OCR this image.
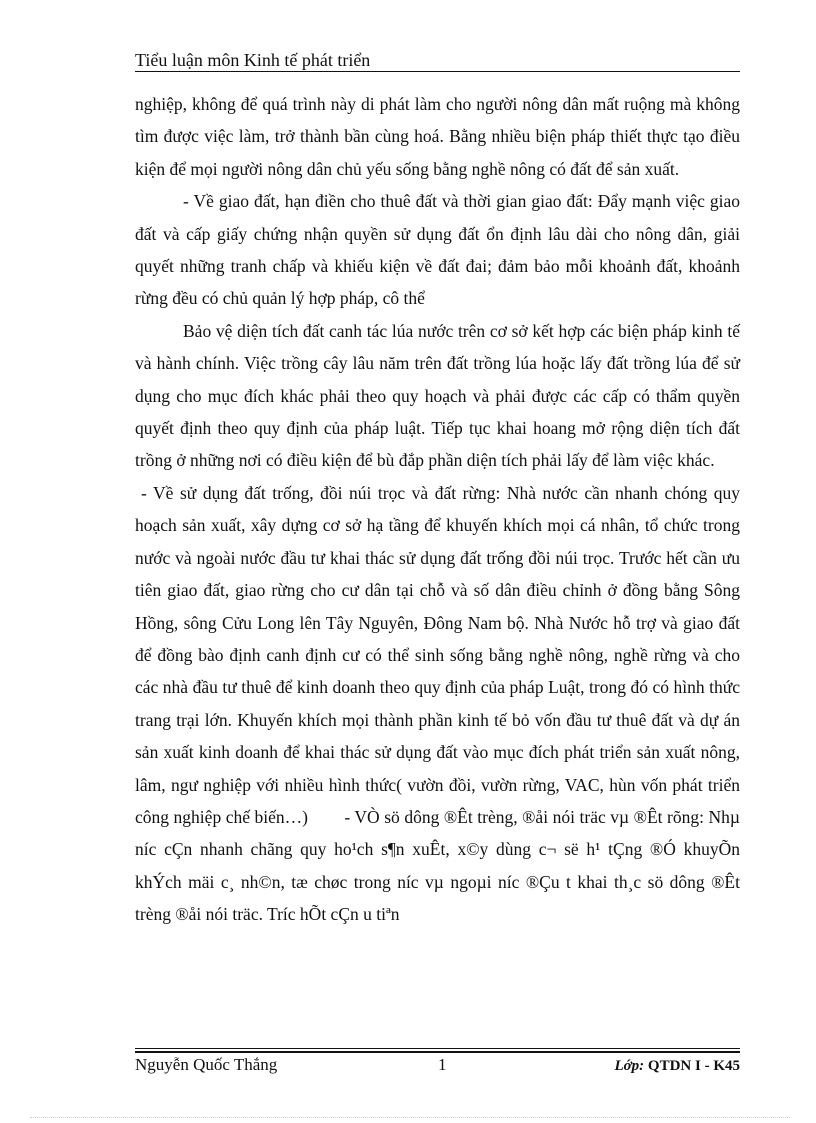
Tiểu luận môn Kinh tế phát triển

nghiệp, không để quá trình này di phát làm cho người nông dân mất ruộng mà không tìm được việc làm, trở thành bần cùng hoá. Bằng nhiều biện pháp thiết thực tạo điều kiện để mọi người nông dân chủ yếu sống bằng nghề nông có đất để sản xuất.

- Về giao đất, hạn điền cho thuê đất và thời gian giao đất: Đẩy mạnh việc giao đất và cấp giấy chứng nhận quyền sử dụng đất ổn định lâu dài cho nông dân, giải quyết những tranh chấp và khiếu kiện về đất đai; đảm bảo mỗi khoảnh đất, khoảnh rừng đều có chủ quản lý hợp pháp, cô thể

Bảo vệ diện tích đất canh tác lúa nước trên cơ sở kết hợp các biện pháp kinh tế và hành chính. Việc trồng cây lâu năm trên đất trồng lúa hoặc lấy đất trồng lúa để sử dụng cho mục đích khác phải theo quy hoạch và phải được các cấp có thẩm quyền quyết định theo quy định của pháp luật. Tiếp tục khai hoang mở rộng diện tích đất trồng ở những nơi có điều kiện để bù đắp phần diện tích phải lấy để làm việc khác.

- Về sử dụng đất trống, đồi núi trọc và đất rừng: Nhà nước cần nhanh chóng quy hoạch sản xuất, xây dựng cơ sở hạ tầng để khuyến khích mọi cá nhân, tổ chức trong nước và ngoài nước đầu tư khai thác sử dụng đất trống đồi núi trọc. Trước hết cần ưu tiên giao đất, giao rừng cho cư dân tại chỗ và số dân điều chỉnh ở đồng bằng Sông Hồng, sông Cửu Long lên Tây Nguyên, Đông Nam bộ. Nhà Nước hỗ trợ và giao đất để đồng bào định canh định cư có thể sinh sống bằng nghề nông, nghề rừng và cho các nhà đầu tư thuê để kinh doanh theo quy định của pháp Luật, trong đó có hình thức trang trại lớn. Khuyến khích mọi thành phần kinh tế bỏ vốn đầu tư thuê đất và dự án sản xuất kinh doanh để khai thác sử dụng đất vào mục đích phát triển sản xuất nông, lâm, ngư nghiệp với nhiều hình thức( vườn đồi, vườn rừng, VAC, hùn vốn phát triển công nghiệp chế biến…)        - VÒ sö dông ®Êt trèng, ®åi nói träc vµ ®Êt rõng: Nhµ níc cÇn nhanh chãng quy ho¹ch s¶n xuÊt, x©y dùng c¬ së h¹ tÇng ®Ó khuyÕn khÝch mäi c¸ nh©n, tæ chøc trong níc vµ ngoµi níc ®Çu t khai th¸c sö dông ®Êt trèng ®åi nói träc. Tríc hÕt cÇn u tiªn

Nguyễn Quốc Thắng	1	Lớp: QTDN I - K45
